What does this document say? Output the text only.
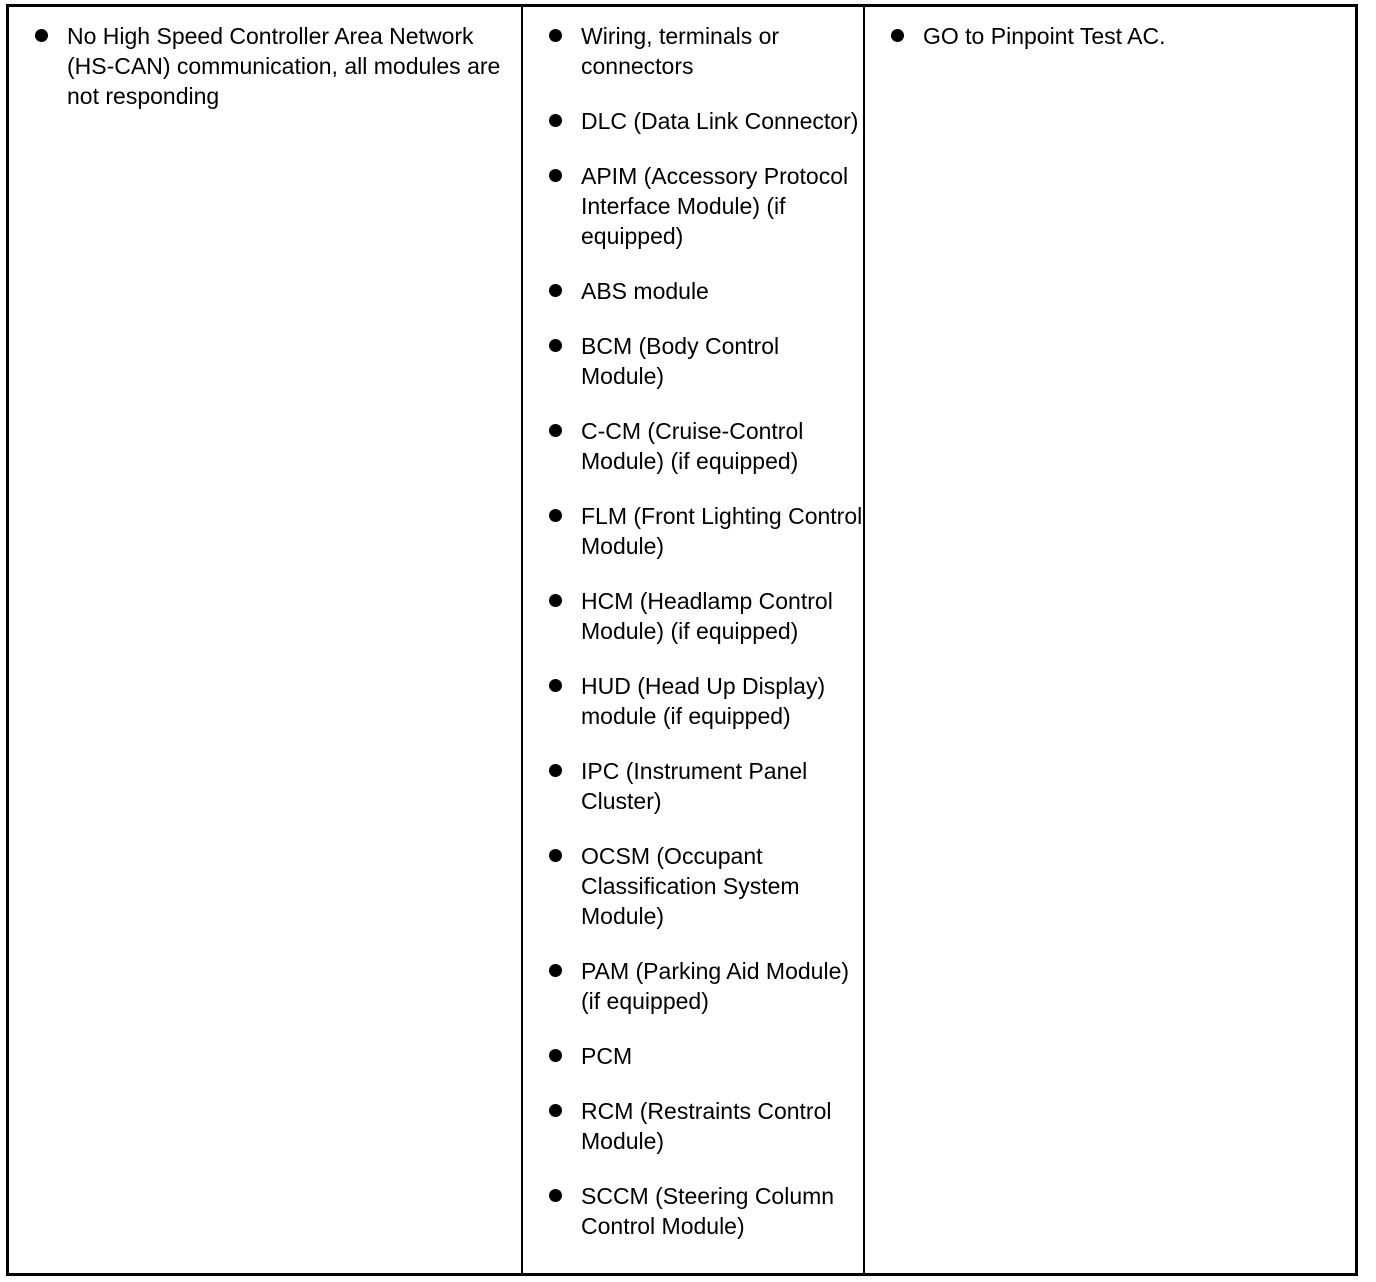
No High Speed Controller Area Network (HS-CAN) communication, all modules are not responding
Wiring, terminals or connectors
DLC (Data Link Connector)
APIM (Accessory Protocol Interface Module) (if equipped)
ABS module
BCM (Body Control Module)
C-CM (Cruise-Control Module) (if equipped)
FLM (Front Lighting Control Module)
HCM (Headlamp Control Module) (if equipped)
HUD (Head Up Display) module (if equipped)
IPC (Instrument Panel Cluster)
OCSM (Occupant Classification System Module)
PAM (Parking Aid Module) (if equipped)
PCM
RCM (Restraints Control Module)
SCCM (Steering Column Control Module)
GO to Pinpoint Test AC.
